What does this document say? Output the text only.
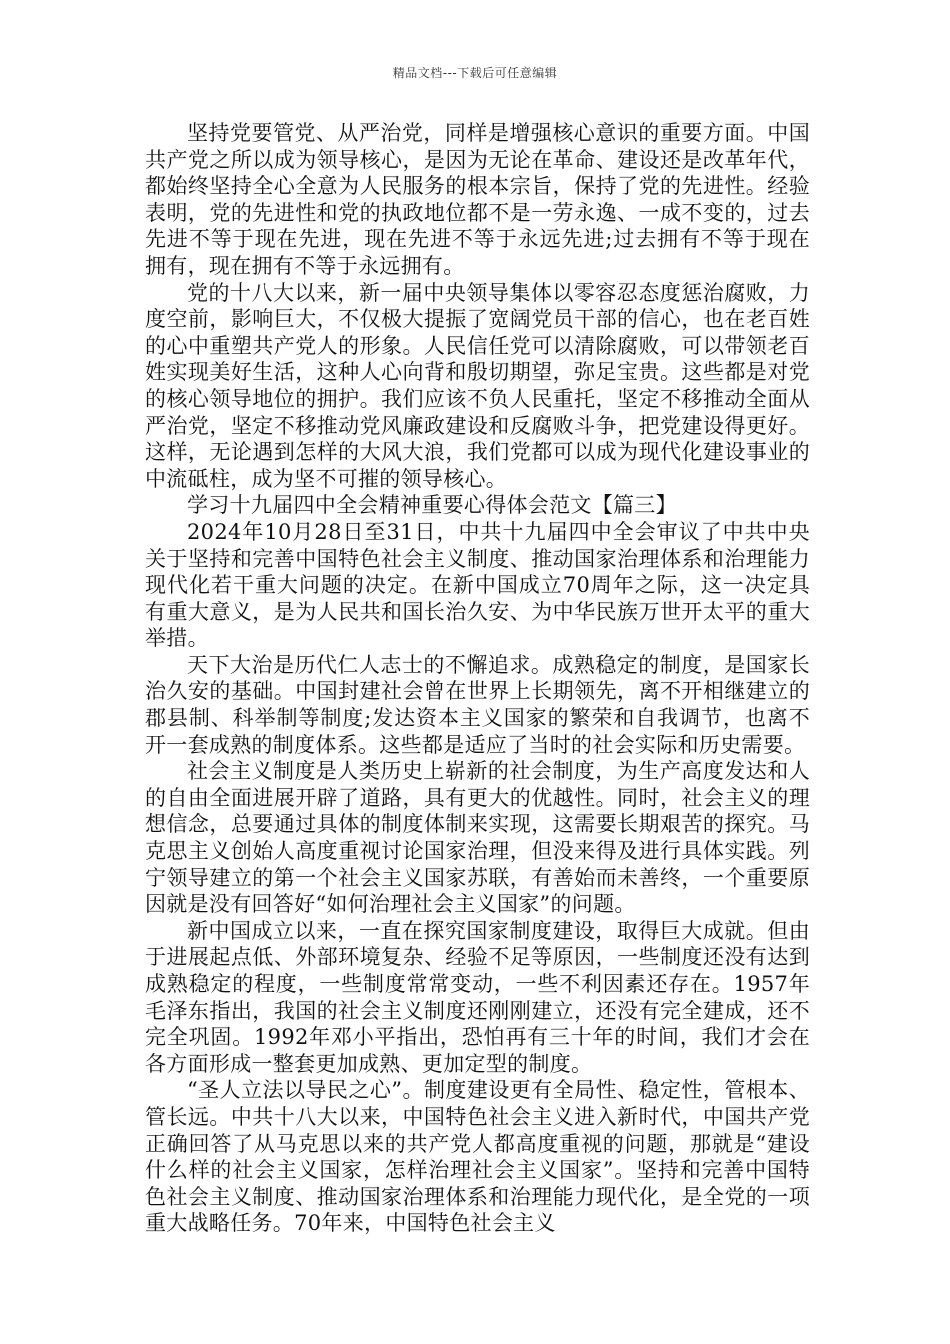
精品文档---下载后可任意编辑

坚持党要管党、从严治党，同样是增强核心意识的重要方面。中国共产党之所以成为领导核心，是因为无论在革命、建设还是改革年代，都始终坚持全心全意为人民服务的根本宗旨，保持了党的先进性。经验表明，党的先进性和党的执政地位都不是一劳永逸、一成不变的，过去先进不等于现在先进，现在先进不等于永远先进;过去拥有不等于现在拥有，现在拥有不等于永远拥有。

党的十八大以来，新一届中央领导集体以零容忍态度惩治腐败，力度空前，影响巨大，不仅极大提振了宽阔党员干部的信心，也在老百姓的心中重塑共产党人的形象。人民信任党可以清除腐败，可以带领老百姓实现美好生活，这种人心向背和殷切期望，弥足宝贵。这些都是对党的核心领导地位的拥护。我们应该不负人民重托，坚定不移推动全面从严治党，坚定不移推动党风廉政建设和反腐败斗争，把党建设得更好。这样，无论遇到怎样的大风大浪，我们党都可以成为现代化建设事业的中流砥柱，成为坚不可摧的领导核心。

学习十九届四中全会精神重要心得体会范文【篇三】

2024年10月28日至31日，中共十九届四中全会审议了中共中央关于坚持和完善中国特色社会主义制度、推动国家治理体系和治理能力现代化若干重大问题的决定。在新中国成立70周年之际，这一决定具有重大意义，是为人民共和国长治久安、为中华民族万世开太平的重大举措。

天下大治是历代仁人志士的不懈追求。成熟稳定的制度，是国家长治久安的基础。中国封建社会曾在世界上长期领先，离不开相继建立的郡县制、科举制等制度;发达资本主义国家的繁荣和自我调节，也离不开一套成熟的制度体系。这些都是适应了当时的社会实际和历史需要。

社会主义制度是人类历史上崭新的社会制度，为生产高度发达和人的自由全面进展开辟了道路，具有更大的优越性。同时，社会主义的理想信念，总要通过具体的制度体制来实现，这需要长期艰苦的探究。马克思主义创始人高度重视讨论国家治理，但没来得及进行具体实践。列宁领导建立的第一个社会主义国家苏联，有善始而未善终，一个重要原因就是没有回答好“如何治理社会主义国家”的问题。

新中国成立以来，一直在探究国家制度建设，取得巨大成就。但由于进展起点低、外部环境复杂、经验不足等原因，一些制度还没有达到成熟稳定的程度，一些制度常常变动，一些不利因素还存在。1957年毛泽东指出，我国的社会主义制度还刚刚建立，还没有完全建成，还不完全巩固。1992年邓小平指出，恐怕再有三十年的时间，我们才会在各方面形成一整套更加成熟、更加定型的制度。

“圣人立法以导民之心”。制度建设更有全局性、稳定性，管根本、管长远。中共十八大以来，中国特色社会主义进入新时代，中国共产党正确回答了从马克思以来的共产党人都高度重视的问题，那就是“建设什么样的社会主义国家，怎样治理社会主义国家”。坚持和完善中国特色社会主义制度、推动国家治理体系和治理能力现代化，是全党的一项重大战略任务。70年来，中国特色社会主义
